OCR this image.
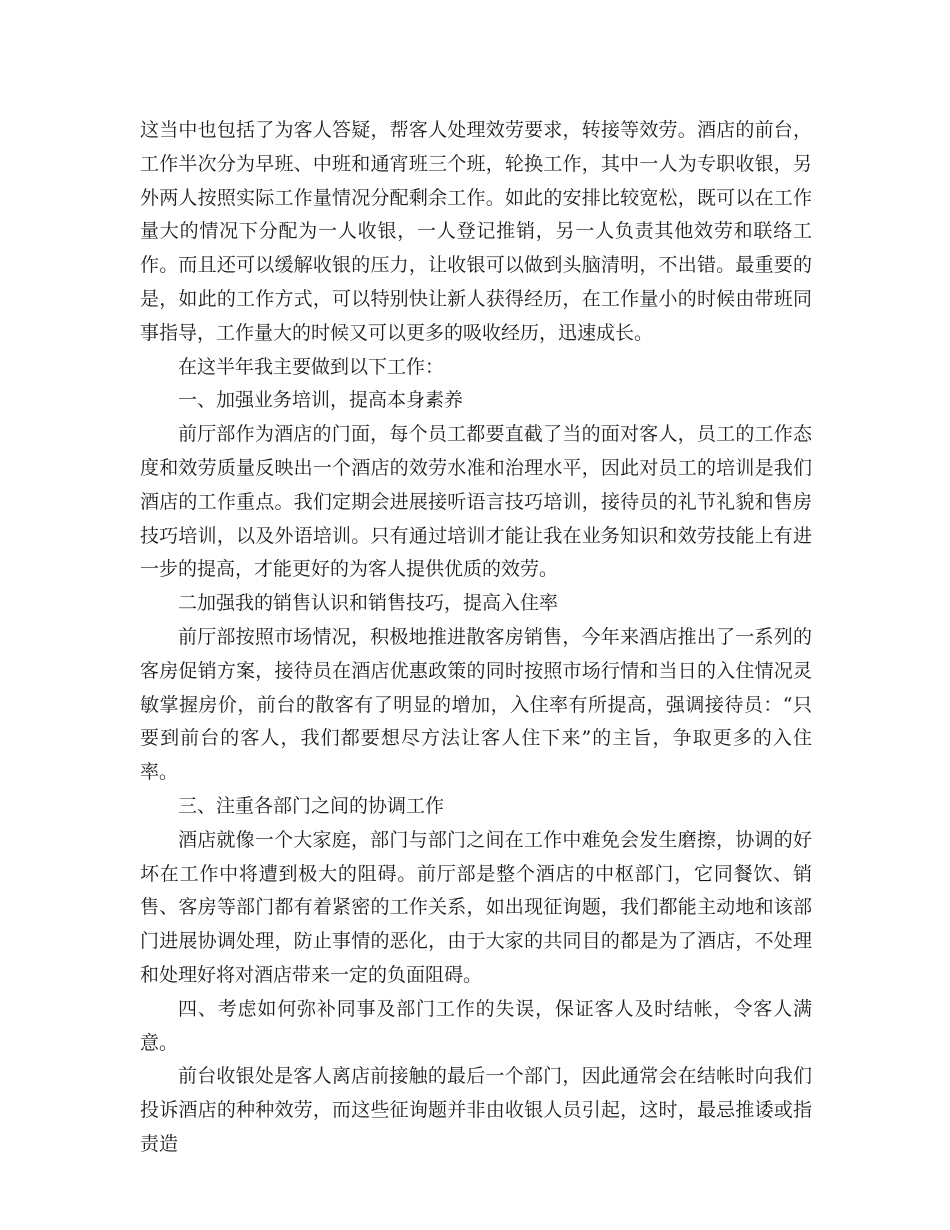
这当中也包括了为客人答疑，帮客人处理效劳要求，转接等效劳。酒店的前台，工作半次分为早班、中班和通宵班三个班，轮换工作，其中一人为专职收银，另外两人按照实际工作量情况分配剩余工作。如此的安排比较宽松，既可以在工作量大的情况下分配为一人收银，一人登记推销，另一人负责其他效劳和联络工作。而且还可以缓解收银的压力，让收银可以做到头脑清明，不出错。最重要的是，如此的工作方式，可以特别快让新人获得经历，在工作量小的时候由带班同事指导，工作量大的时候又可以更多的吸收经历，迅速成长。

在这半年我主要做到以下工作：

一、加强业务培训，提高本身素养

前厅部作为酒店的门面，每个员工都要直截了当的面对客人，员工的工作态度和效劳质量反映出一个酒店的效劳水准和治理水平，因此对员工的培训是我们酒店的工作重点。我们定期会进展接听语言技巧培训，接待员的礼节礼貌和售房技巧培训，以及外语培训。只有通过培训才能让我在业务知识和效劳技能上有进一步的提高，才能更好的为客人提供优质的效劳。

二加强我的销售认识和销售技巧，提高入住率

前厅部按照市场情况，积极地推进散客房销售，今年来酒店推出了一系列的客房促销方案，接待员在酒店优惠政策的同时按照市场行情和当日的入住情况灵敏掌握房价，前台的散客有了明显的增加，入住率有所提高，强调接待员：“只要到前台的客人，我们都要想尽方法让客人住下来”的主旨，争取更多的入住率。

三、注重各部门之间的协调工作

酒店就像一个大家庭，部门与部门之间在工作中难免会发生磨擦，协调的好坏在工作中将遭到极大的阻碍。前厅部是整个酒店的中枢部门，它同餐饮、销售、客房等部门都有着紧密的工作关系，如出现征询题，我们都能主动地和该部门进展协调处理，防止事情的恶化，由于大家的共同目的都是为了酒店，不处理和处理好将对酒店带来一定的负面阻碍。

四、考虑如何弥补同事及部门工作的失误，保证客人及时结帐，令客人满意。

前台收银处是客人离店前接触的最后一个部门，因此通常会在结帐时向我们投诉酒店的种种效劳，而这些征询题并非由收银人员引起，这时，最忌推诿或指责造
